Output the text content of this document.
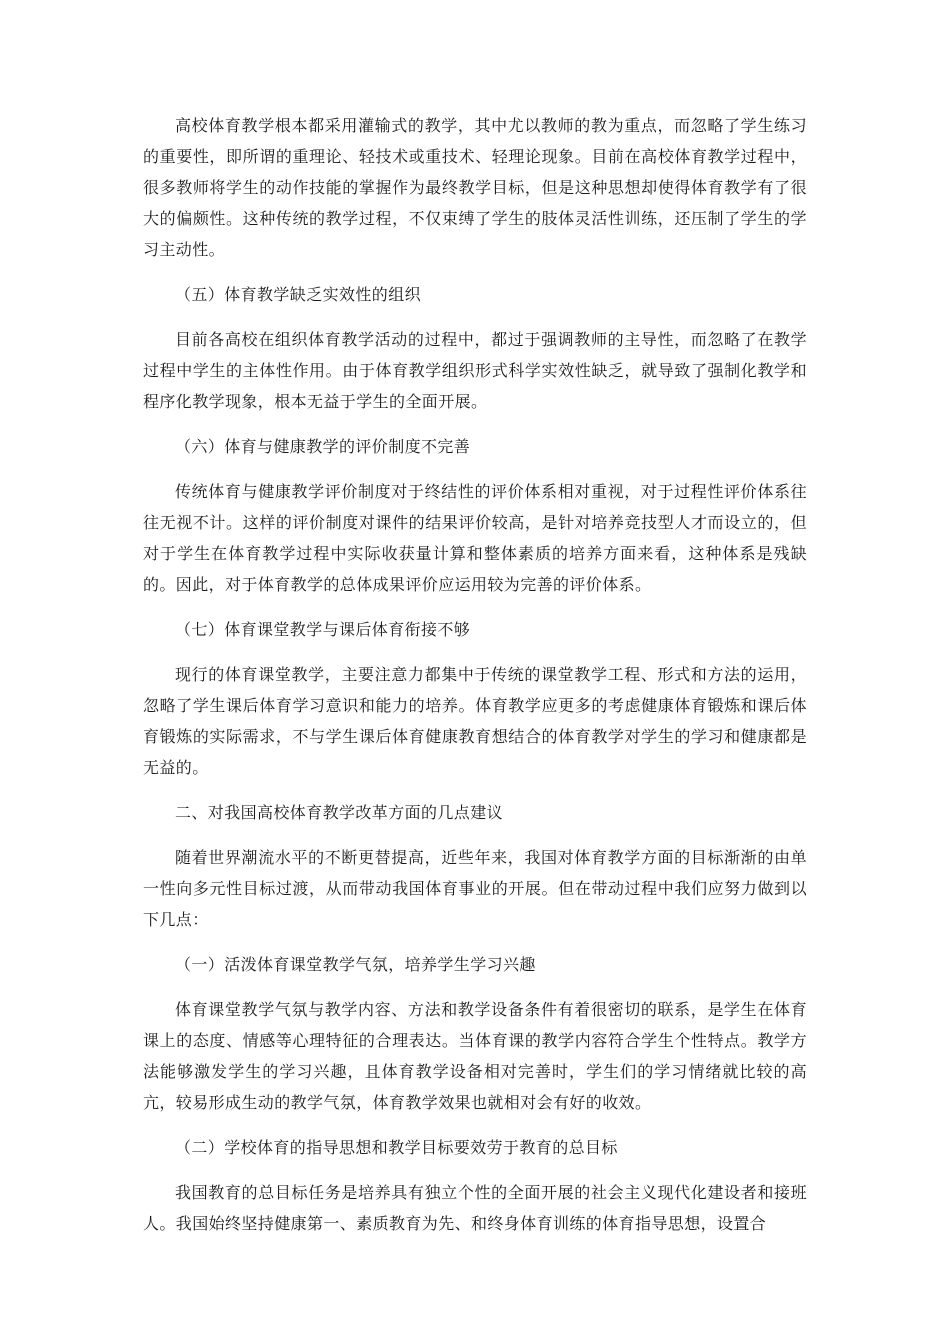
高校体育教学根本都采用灌输式的教学，其中尤以教师的教为重点，而忽略了学生练习的重要性，即所谓的重理论、轻技术或重技术、轻理论现象。目前在高校体育教学过程中，很多教师将学生的动作技能的掌握作为最终教学目标，但是这种思想却使得体育教学有了很大的偏颇性。这种传统的教学过程，不仅束缚了学生的肢体灵活性训练，还压制了学生的学习主动性。

（五）体育教学缺乏实效性的组织

目前各高校在组织体育教学活动的过程中，都过于强调教师的主导性，而忽略了在教学过程中学生的主体性作用。由于体育教学组织形式科学实效性缺乏，就导致了强制化教学和程序化教学现象，根本无益于学生的全面开展。

（六）体育与健康教学的评价制度不完善

传统体育与健康教学评价制度对于终结性的评价体系相对重视，对于过程性评价体系往往无视不计。这样的评价制度对课件的结果评价较高，是针对培养竞技型人才而设立的，但对于学生在体育教学过程中实际收获量计算和整体素质的培养方面来看，这种体系是残缺的。因此，对于体育教学的总体成果评价应运用较为完善的评价体系。

（七）体育课堂教学与课后体育衔接不够

现行的体育课堂教学，主要注意力都集中于传统的课堂教学工程、形式和方法的运用，忽略了学生课后体育学习意识和能力的培养。体育教学应更多的考虑健康体育锻炼和课后体育锻炼的实际需求，不与学生课后体育健康教育想结合的体育教学对学生的学习和健康都是无益的。

二、对我国高校体育教学改革方面的几点建议

随着世界潮流水平的不断更替提高，近些年来，我国对体育教学方面的目标渐渐的由单一性向多元性目标过渡，从而带动我国体育事业的开展。但在带动过程中我们应努力做到以下几点：

（一）活泼体育课堂教学气氛，培养学生学习兴趣

体育课堂教学气氛与教学内容、方法和教学设备条件有着很密切的联系，是学生在体育课上的态度、情感等心理特征的合理表达。当体育课的教学内容符合学生个性特点。教学方法能够激发学生的学习兴趣，且体育教学设备相对完善时，学生们的学习情绪就比较的高亢，较易形成生动的教学气氛，体育教学效果也就相对会有好的收效。

（二）学校体育的指导思想和教学目标要效劳于教育的总目标

我国教育的总目标任务是培养具有独立个性的全面开展的社会主义现代化建设者和接班人。我国始终坚持健康第一、素质教育为先、和终身体育训练的体育指导思想，设置合
